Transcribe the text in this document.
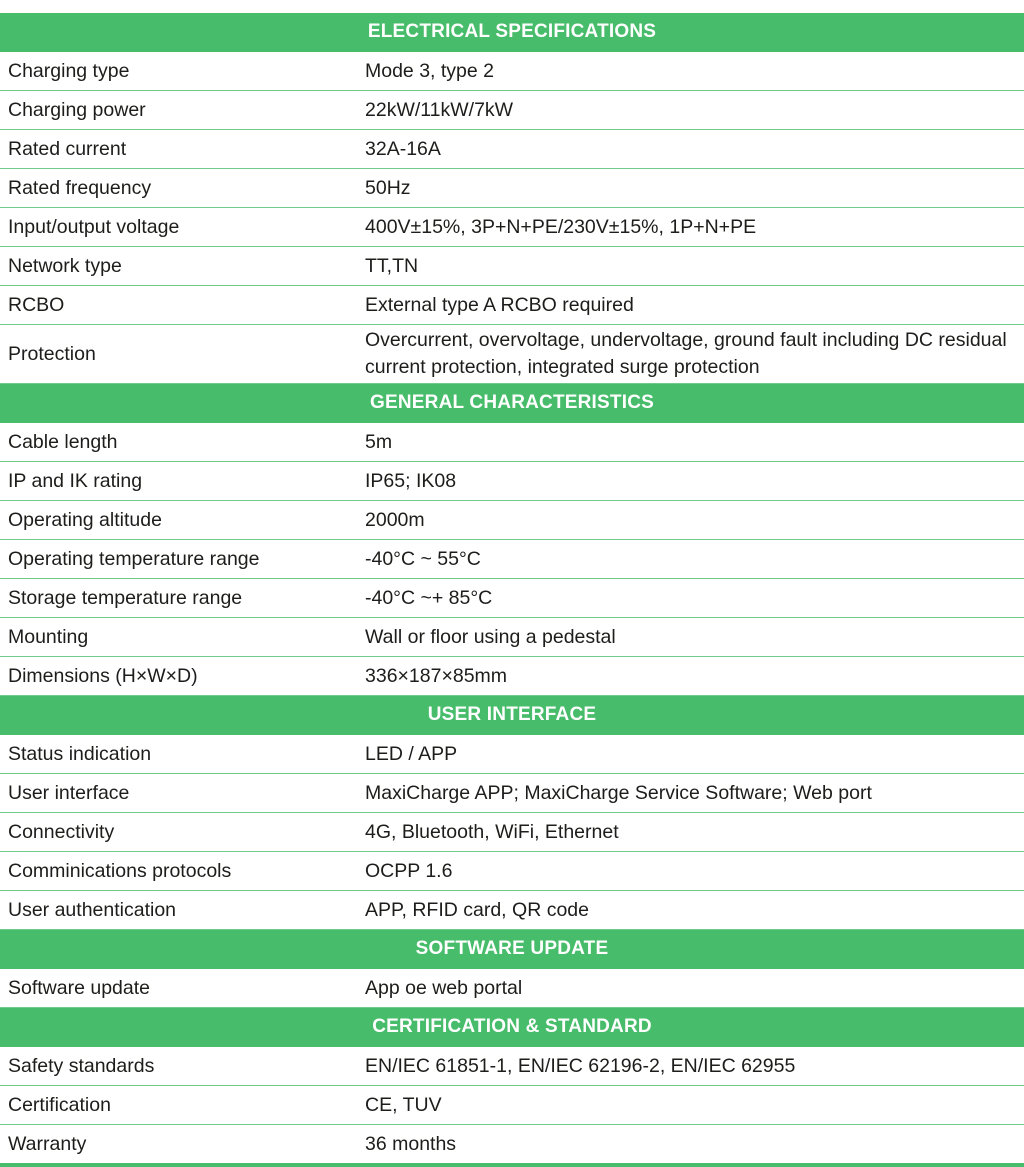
ELECTRICAL SPECIFICATIONS	
Charging type	Mode 3, type 2
Charging power	22kW/11kW/7kW
Rated current	32A-16A
Rated frequency	50Hz
Input/output voltage	400V±15%, 3P+N+PE/230V±15%, 1P+N+PE
Network type	TT,TN
RCBO	External type A RCBO required
Protection	Overcurrent, overvoltage, undervoltage, ground fault including DC residual current protection, integrated surge protection
GENERAL CHARACTERISTICS	
Cable length	5m
IP and IK rating	IP65; IK08
Operating altitude	2000m
Operating temperature range	-40°C ~ 55°C
Storage temperature range	-40°C ~+ 85°C
Mounting	Wall or floor using a pedestal
Dimensions (H×W×D)	336×187×85mm
USER INTERFACE	
Status indication	LED / APP
User interface	MaxiCharge APP; MaxiCharge Service Software; Web port
Connectivity	4G, Bluetooth, WiFi, Ethernet
Comminications protocols	OCPP 1.6
User authentication	APP, RFID card, QR code
SOFTWARE UPDATE	
Software update	App oe web portal
CERTIFICATION & STANDARD	
Safety standards	EN/IEC 61851-1, EN/IEC 62196-2, EN/IEC 62955
Certification	CE, TUV
Warranty	36 months
